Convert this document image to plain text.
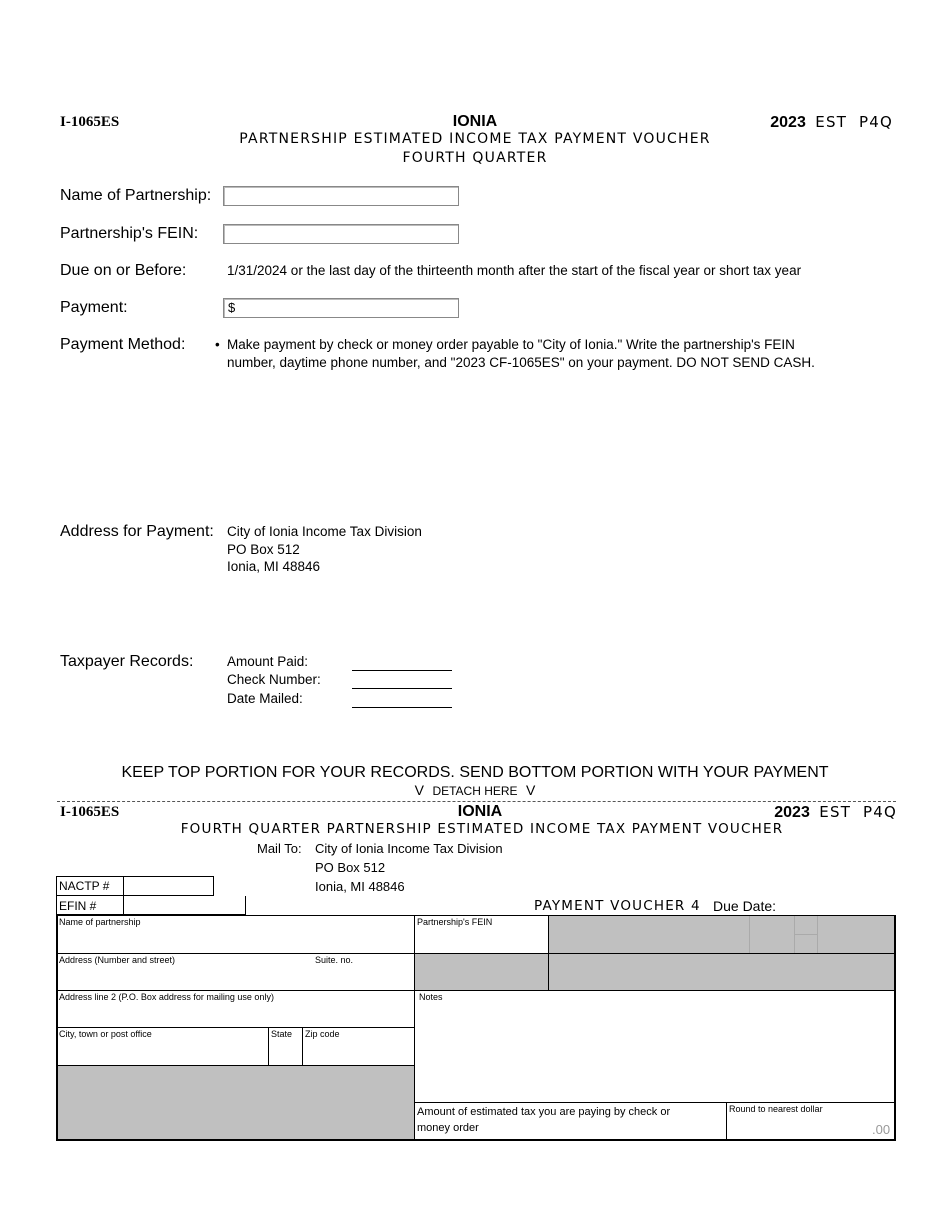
I-1065ES	IONIA
PARTNERSHIP ESTIMATED INCOME TAX PAYMENT VOUCHER
FOURTH QUARTER
2023 EST  P4Q
Name of Partnership:
Partnership's FEIN:
Due on or Before:	1/31/2024 or the last day of the thirteenth month after the start of the fiscal year or short tax year
Payment:	$
Payment Method: • Make payment by check or money order payable to "City of Ionia." Write the partnership's FEIN
number, daytime phone number, and "2023 CF-1065ES" on your payment. DO NOT SEND CASH.
Address for Payment: City of Ionia Income Tax Division
PO Box 512
Ionia, MI 48846
Taxpayer Records: Amount Paid:
Check Number:
Date Mailed:
KEEP TOP PORTION FOR YOUR RECORDS. SEND BOTTOM PORTION WITH YOUR PAYMENT
V DETACH HERE V
I-1065ES	IONIA	2023 EST  P4Q
FOURTH QUARTER PARTNERSHIP ESTIMATED INCOME TAX PAYMENT VOUCHER
Mail To: City of Ionia Income Tax Division
PO Box 512
Ionia, MI 48846
NACTP #
EFIN #	PAYMENT VOUCHER 4 Due Date:
Name of partnership
Address (Number and street)	Suite. no.
Address line 2 (P.O. Box address for mailing use only)
City, town or post office	State Zip code
Partnership's FEIN
Notes
Amount of estimated tax you are paying by check or
money order
Round to nearest dollar
.00
